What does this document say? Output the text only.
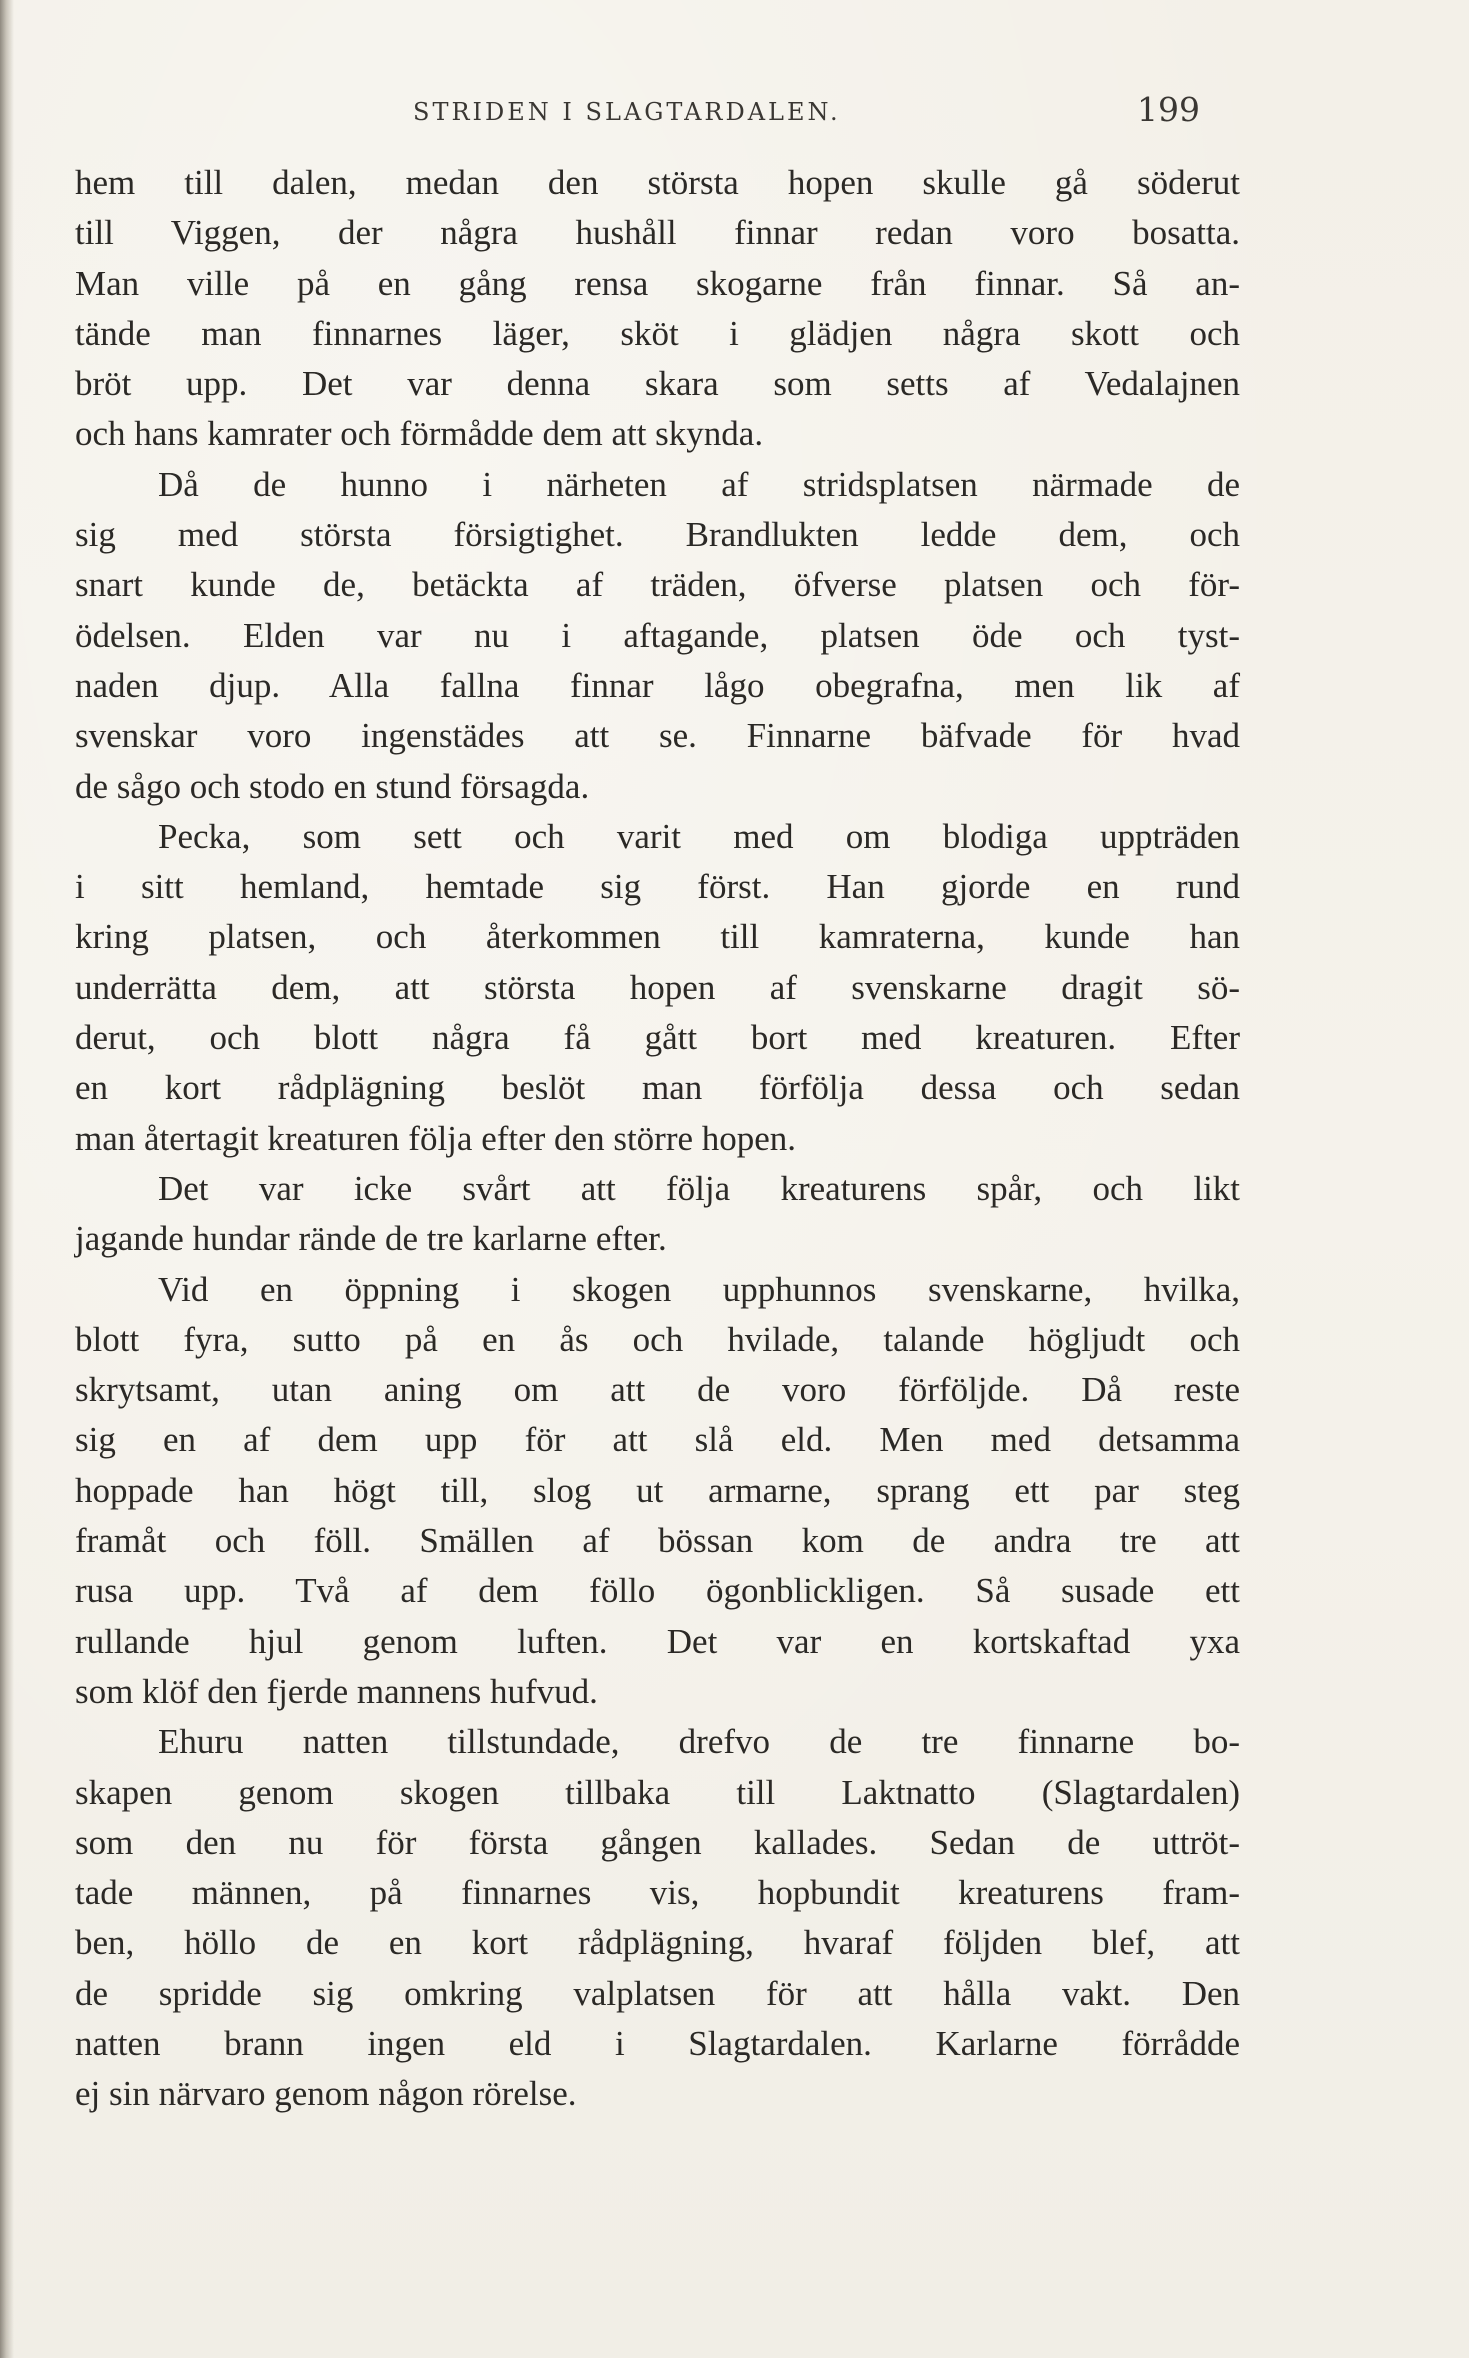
STRIDEN I SLAGTARDALEN.	199
hem till dalen, medan den största hopen skulle gå söderut
till Viggen, der några hushåll finnar redan voro bosatta.
Man ville på en gång rensa skogarne från finnar. Så an-
tände man finnarnes läger, sköt i glädjen några skott och
bröt upp. Det var denna skara som setts af Vedalajnen
och hans kamrater och förmådde dem att skynda.
Då de hunno i närheten af stridsplatsen närmade de
sig med största försigtighet. Brandlukten ledde dem, och
snart kunde de, betäckta af träden, öfverse platsen och för-
ödelsen. Elden var nu i aftagande, platsen öde och tyst-
naden djup. Alla fallna finnar lågo obegrafna, men lik af
svenskar voro ingenstädes att se. Finnarne bäfvade för hvad
de sågo och stodo en stund försagda.
Pecka, som sett och varit med om blodiga uppträden
i sitt hemland, hemtade sig först. Han gjorde en rund
kring platsen, och återkommen till kamraterna, kunde han
underrätta dem, att största hopen af svenskarne dragit sö-
derut, och blott några få gått bort med kreaturen. Efter
en kort rådplägning beslöt man förfölja dessa och sedan
man återtagit kreaturen följa efter den större hopen.
Det var icke svårt att följa kreaturens spår, och likt
jagande hundar rände de tre karlarne efter.
Vid en öppning i skogen upphunnos svenskarne, hvilka,
blott fyra, sutto på en ås och hvilade, talande högljudt och
skrytsamt, utan aning om att de voro förföljde. Då reste
sig en af dem upp för att slå eld. Men med detsamma
hoppade han högt till, slog ut armarne, sprang ett par steg
framåt och föll. Smällen af bössan kom de andra tre att
rusa upp. Två af dem föllo ögonblickligen. Så susade ett
rullande hjul genom luften. Det var en kortskaftad yxa
som klöf den fjerde mannens hufvud.
Ehuru natten tillstundade, drefvo de tre finnarne bo-
skapen genom skogen tillbaka till Laktnatto (Slagtardalen)
som den nu för första gången kallades. Sedan de uttröt-
tade männen, på finnarnes vis, hopbundit kreaturens fram-
ben, höllo de en kort rådplägning, hvaraf följden blef, att
de spridde sig omkring valplatsen för att hålla vakt. Den
natten brann ingen eld i Slagtardalen. Karlarne förrådde
ej sin närvaro genom någon rörelse.
